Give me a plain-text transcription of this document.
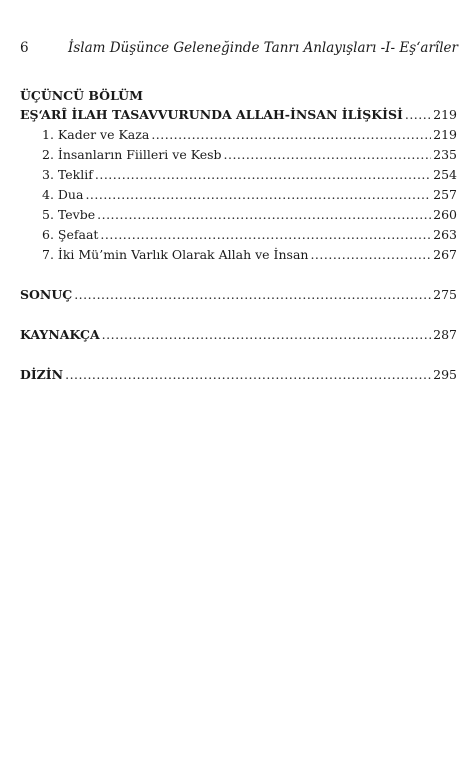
6	İslam Düşünce Geleneğinde Tanrı Anlayışları -I- Eş‘arîler
ÜÇÜNCÜ BÖLÜM
EŞ‘ARÎ İLAH TASAVVURUNDA ALLAH-İNSAN İLİŞKİSİ ..... 219
1. Kader ve Kaza .....	219
2. İnsanların Fiilleri ve Kesb .....	235
3. Teklif .....	254
4. Dua .....	257
5. Tevbe .....	260
6. Şefaat .....	263
7. İki Mü’min Varlık Olarak Allah ve İnsan .....	267
SONUÇ .....	275
KAYNAKÇA .....	287
DİZİN .....	295
